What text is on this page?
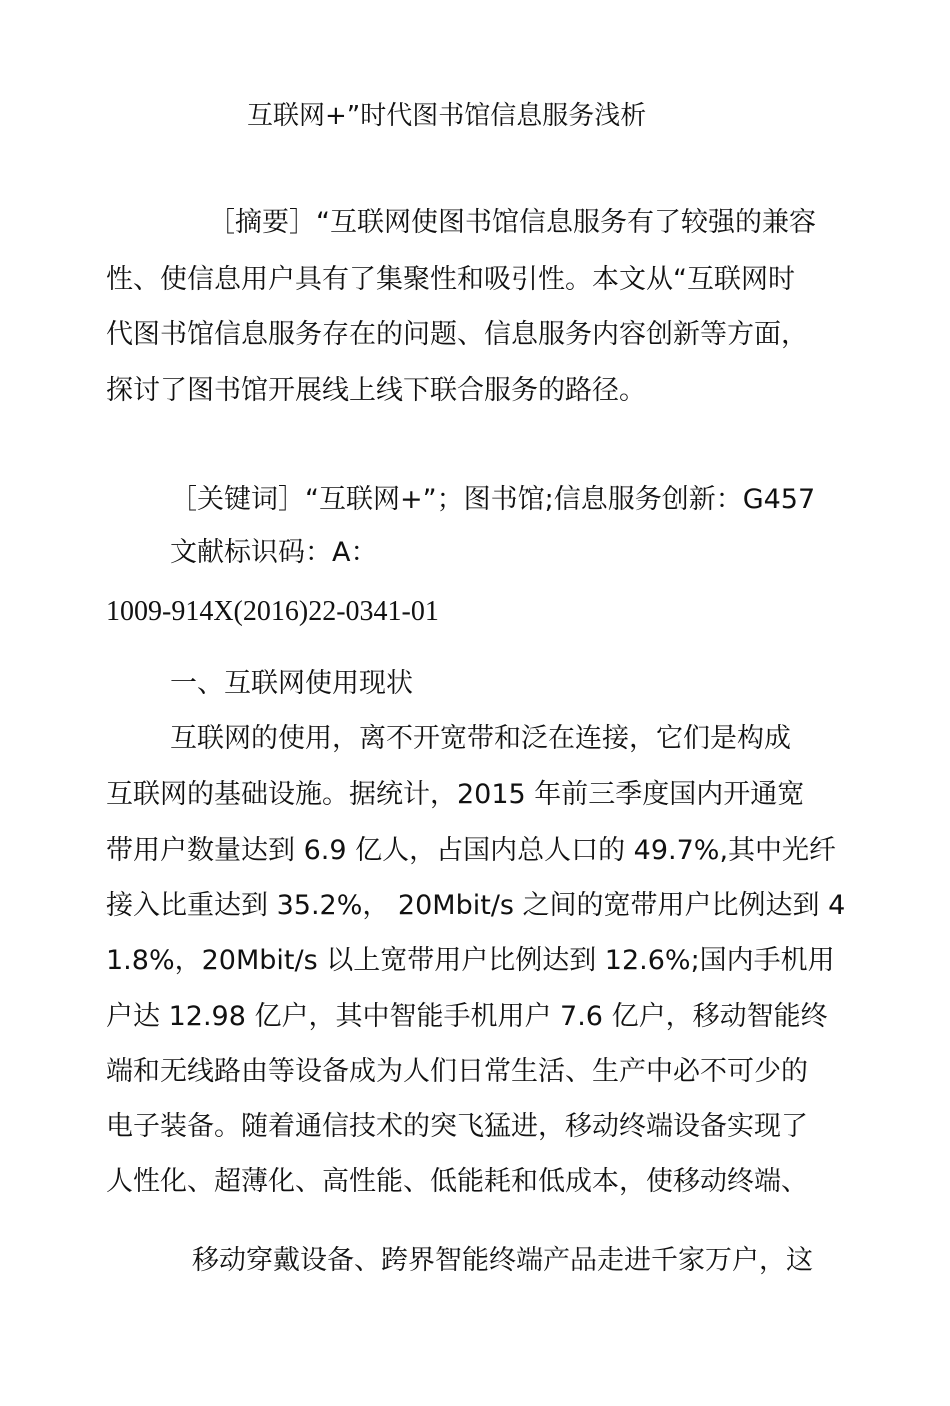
互联网+”时代图书馆信息服务浅析
［摘要］“互联网使图书馆信息服务有了较强的兼容
性、使信息用户具有了集聚性和吸引性。本文从“互联网时
代图书馆信息服务存在的问题、信息服务内容创新等方面，
探讨了图书馆开展线上线下联合服务的路径。
［关键词］“互联网+”；图书馆;信息服务创新：G457
文献标识码：A：
1009-914X(2016)22-0341-01
一、互联网使用现状
互联网的使用，离不开宽带和泛在连接，它们是构成
互联网的基础设施。据统计，2015 年前三季度国内开通宽
带用户数量达到 6.9 亿人，占国内总人口的 49.7%,其中光纤
接入比重达到 35.2%， 20Mbit/s 之间的宽带用户比例达到 4
1.8%，20Mbit/s 以上宽带用户比例达到 12.6%;国内手机用
户达 12.98 亿户，其中智能手机用户 7.6 亿户，移动智能终
端和无线路由等设备成为人们日常生活、生产中必不可少的
电子装备。随着通信技术的突飞猛进，移动终端设备实现了
人性化、超薄化、高性能、低能耗和低成本，使移动终端、
移动穿戴设备、跨界智能终端产品走进千家万户，这
